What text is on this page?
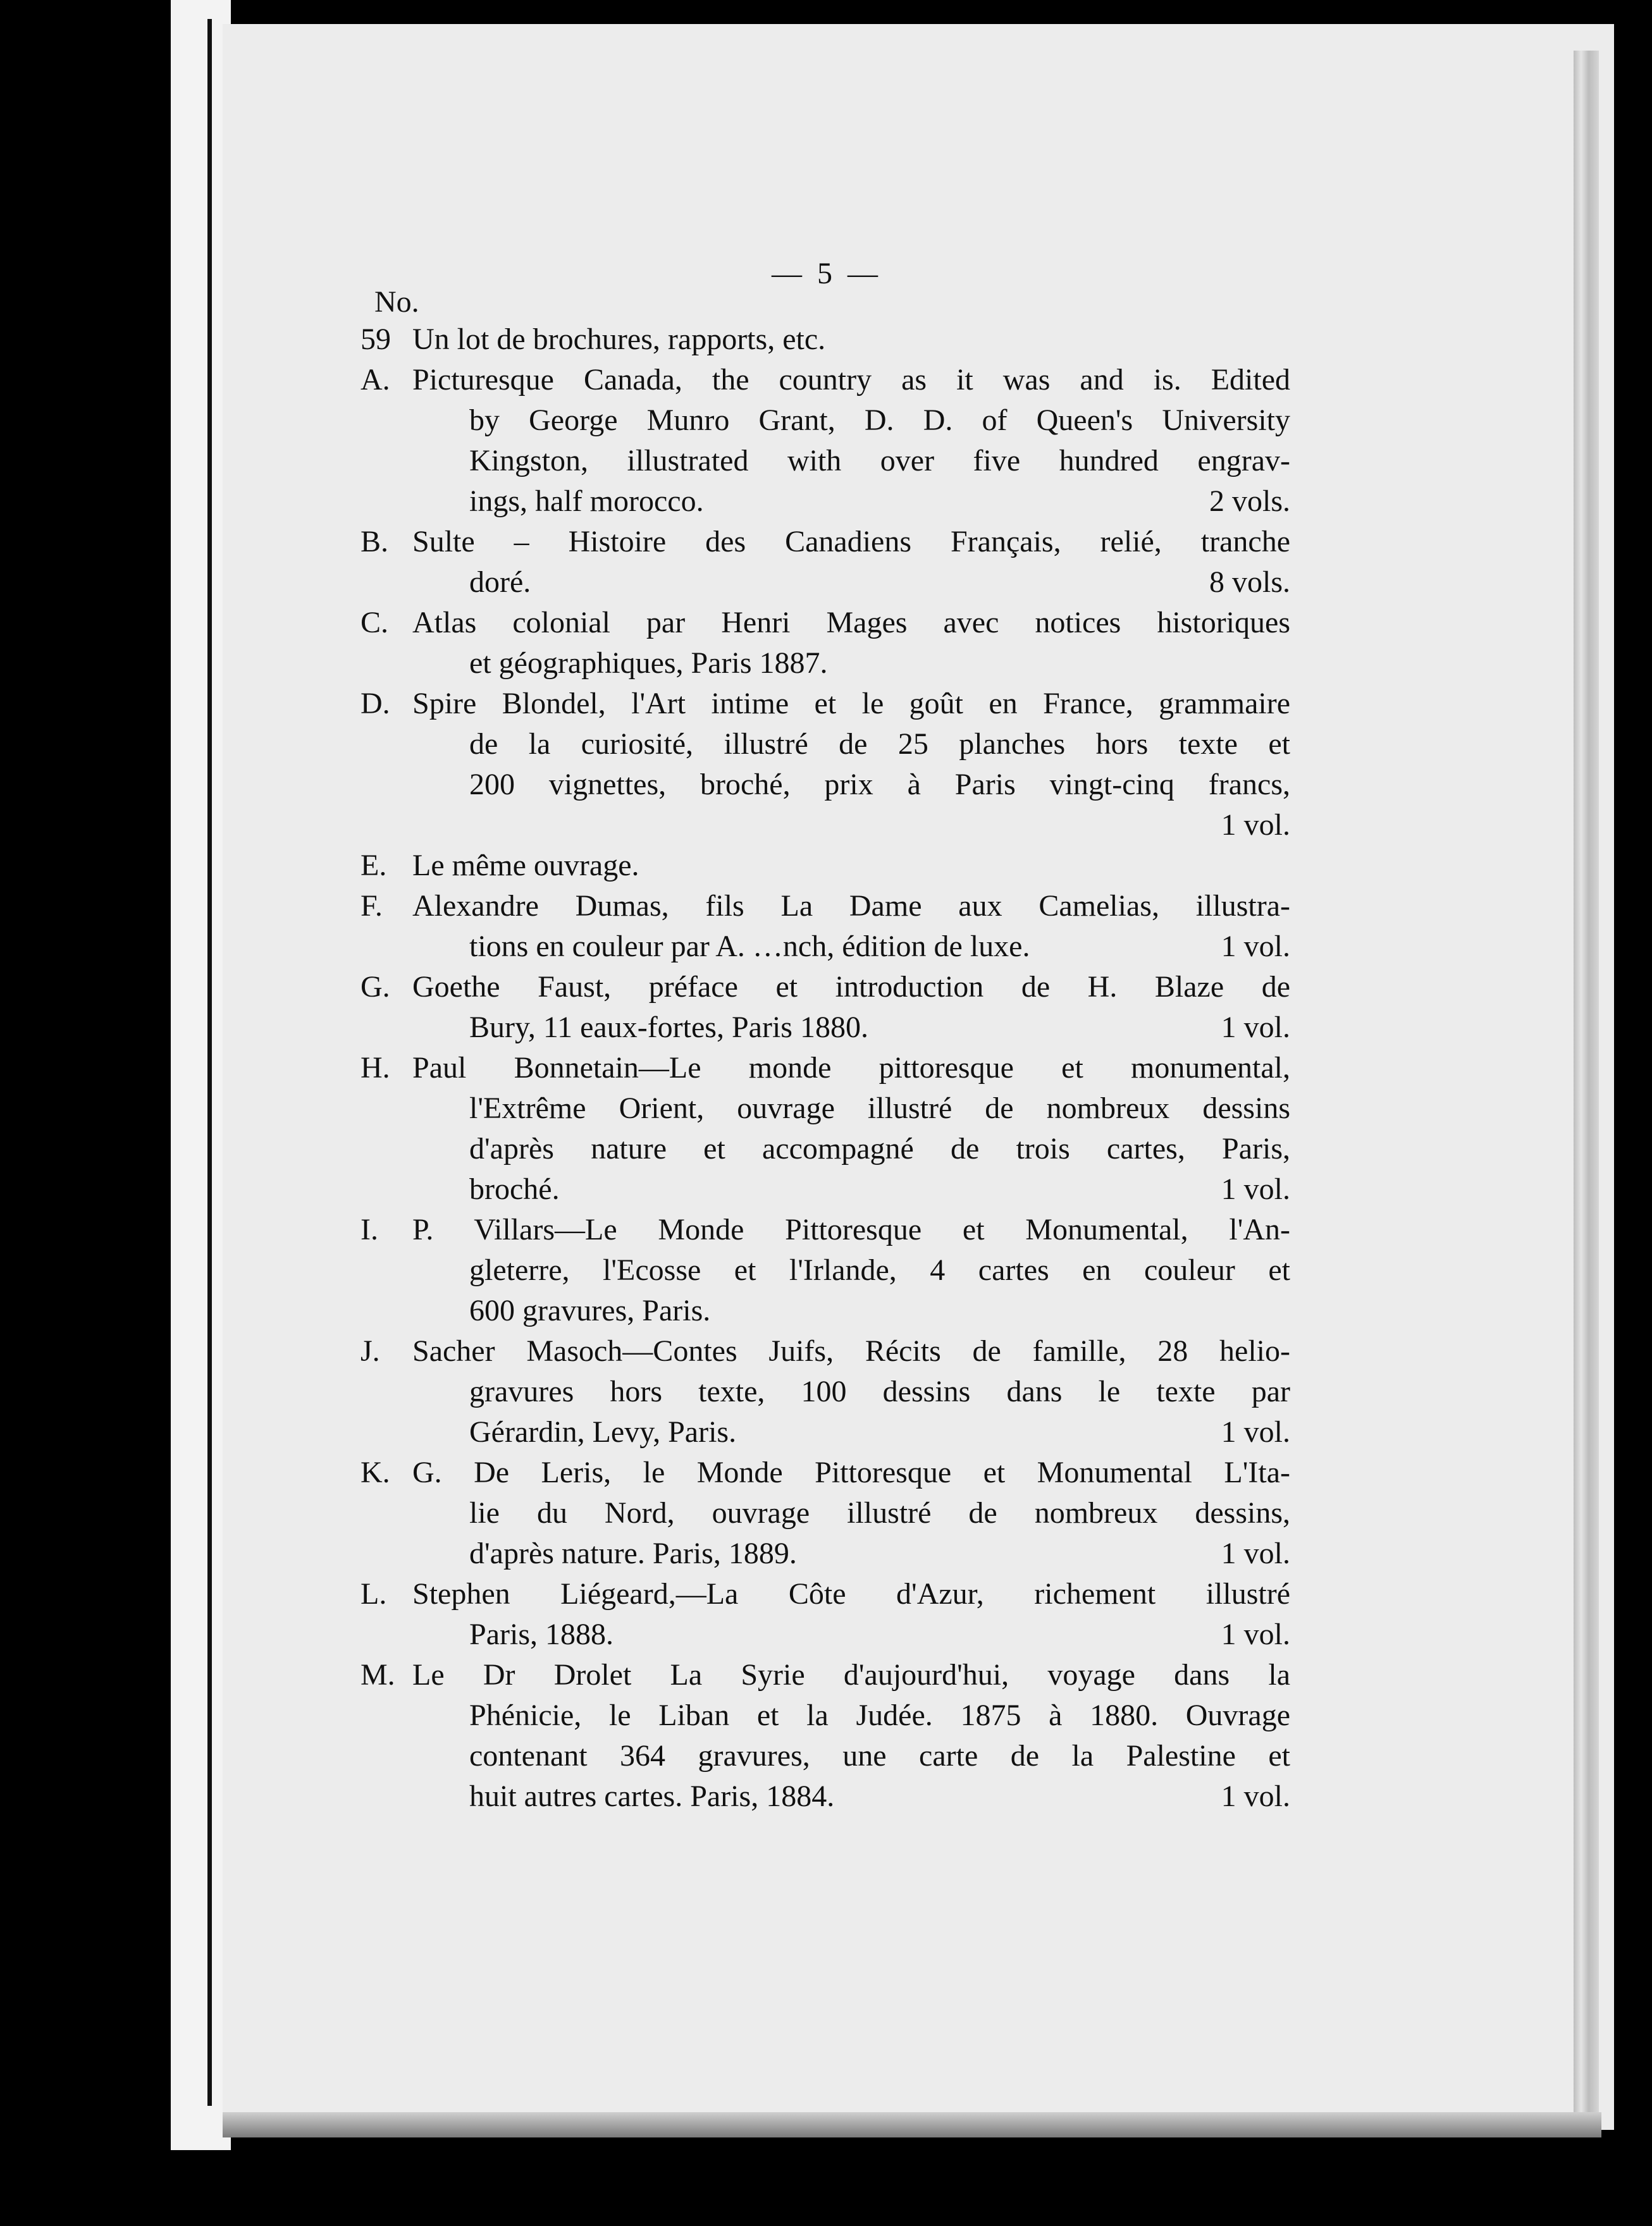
— 5 —
No.
59 Un lot de brochures, rapports, etc.
A. Picturesque Canada, the country as it was and is. Edited
by George Munro Grant, D. D. of Queen's University
Kingston, illustrated with over five hundred engrav-
ings, half morocco.	2 vols.
B. Sulte – Histoire des Canadiens Français, relié, tranche
doré.	8 vols.
C. Atlas colonial par Henri Mages avec notices historiques
et géographiques, Paris 1887.
D. Spire Blondel, l'Art intime et le goût en France, grammaire
de la curiosité, illustré de 25 planches hors texte et
200 vignettes, broché, prix à Paris vingt-cinq francs,
1 vol.
E. Le même ouvrage.
F. Alexandre Dumas, fils La Dame aux Camelias, illustra-
tions en couleur par A. …nch, édition de luxe.	1 vol.
G. Goethe Faust, préface et introduction de H. Blaze de
Bury, 11 eaux-fortes, Paris 1880.	1 vol.
H. Paul Bonnetain—Le monde pittoresque et monumental,
l'Extrême Orient, ouvrage illustré de nombreux dessins
d'après nature et accompagné de trois cartes, Paris,
broché.	1 vol.
I.	P. Villars—Le Monde Pittoresque et Monumental, l'An-
gleterre, l'Ecosse et l'Irlande, 4 cartes en couleur et
600 gravures, Paris.
J.	Sacher Masoch—Contes Juifs, Récits de famille, 28 helio-
gravures hors texte, 100 dessins dans le texte par
Gérardin, Levy, Paris.	1 vol.
K. G. De Leris, le Monde Pittoresque et Monumental L'Ita-
lie du Nord, ouvrage illustré de nombreux dessins,
d'après nature. Paris, 1889.	1 vol.
L. Stephen Liégeard,—La Côte d'Azur, richement illustré
Paris, 1888.	1 vol.
M. Le Dr Drolet La Syrie d'aujourd'hui, voyage dans la
Phénicie, le Liban et la Judée. 1875 à 1880. Ouvrage
contenant 364 gravures, une carte de la Palestine et
huit autres cartes. Paris, 1884.	1 vol.
